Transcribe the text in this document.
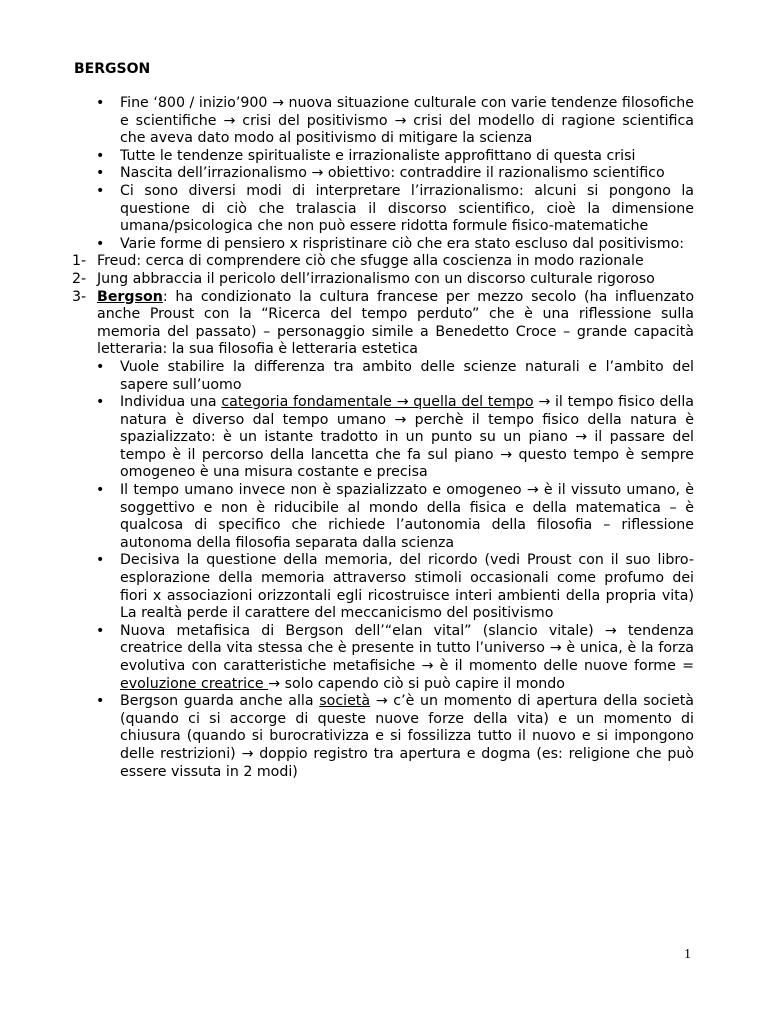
BERGSON

• Fine ‘800 / inizio’900 → nuova situazione culturale con varie tendenze filosofiche e scientifiche → crisi del positivismo → crisi del modello di ragione scientifica che aveva dato modo al positivismo di mitigare la scienza

• Tutte le tendenze spiritualiste e irrazionaliste approfittano di questa crisi

• Nascita dell’irrazionalismo → obiettivo: contraddire il razionalismo scientifico

• Ci sono diversi modi di interpretare l’irrazionalismo: alcuni si pongono la questione di ciò che tralascia il discorso scientifico, cioè la dimensione umana/psicologica che non può essere ridotta formule fisico-matematiche

• Varie forme di pensiero x rispristinare ciò che era stato escluso dal positivismo:

1- Freud: cerca di comprendere ciò che sfugge alla coscienza in modo razionale

2- Jung abbraccia il pericolo dell’irrazionalismo con un discorso culturale rigoroso

3- Bergson: ha condizionato la cultura francese per mezzo secolo (ha influenzato anche Proust con la “Ricerca del tempo perduto” che è una riflessione sulla memoria del passato) – personaggio simile a Benedetto Croce – grande capacità letteraria: la sua filosofia è letteraria estetica

• Vuole stabilire la differenza tra ambito delle scienze naturali e l’ambito del sapere sull’uomo

• Individua una categoria fondamentale → quella del tempo → il tempo fisico della natura è diverso dal tempo umano → perchè il tempo fisico della natura è spazializzato: è un istante tradotto in un punto su un piano → il passare del tempo è il percorso della lancetta che fa sul piano → questo tempo è sempre omogeneo è una misura costante e precisa

• Il tempo umano invece non è spazializzato e omogeneo → è il vissuto umano, è soggettivo e non è riducibile al mondo della fisica e della matematica – è qualcosa di specifico che richiede l’autonomia della filosofia – riflessione autonoma della filosofia separata dalla scienza

• Decisiva la questione della memoria, del ricordo (vedi Proust con il suo libro- esplorazione della memoria attraverso stimoli occasionali come profumo dei fiori x associazioni orizzontali egli ricostruisce interi ambienti della propria vita) La realtà perde il carattere del meccanicismo del positivismo

• Nuova metafisica di Bergson dell’“elan vital” (slancio vitale) → tendenza creatrice della vita stessa che è presente in tutto l’universo → è unica, è la forza evolutiva con caratteristiche metafisiche → è il momento delle nuove forme = evoluzione creatrice → solo capendo ciò si può capire il mondo

• Bergson guarda anche alla società → c’è un momento di apertura della società (quando ci si accorge di queste nuove forze della vita) e un momento di chiusura (quando si burocrativizza e si fossilizza tutto il nuovo e si impongono delle restrizioni) → doppio registro tra apertura e dogma (es: religione che può essere vissuta in 2 modi)

1
